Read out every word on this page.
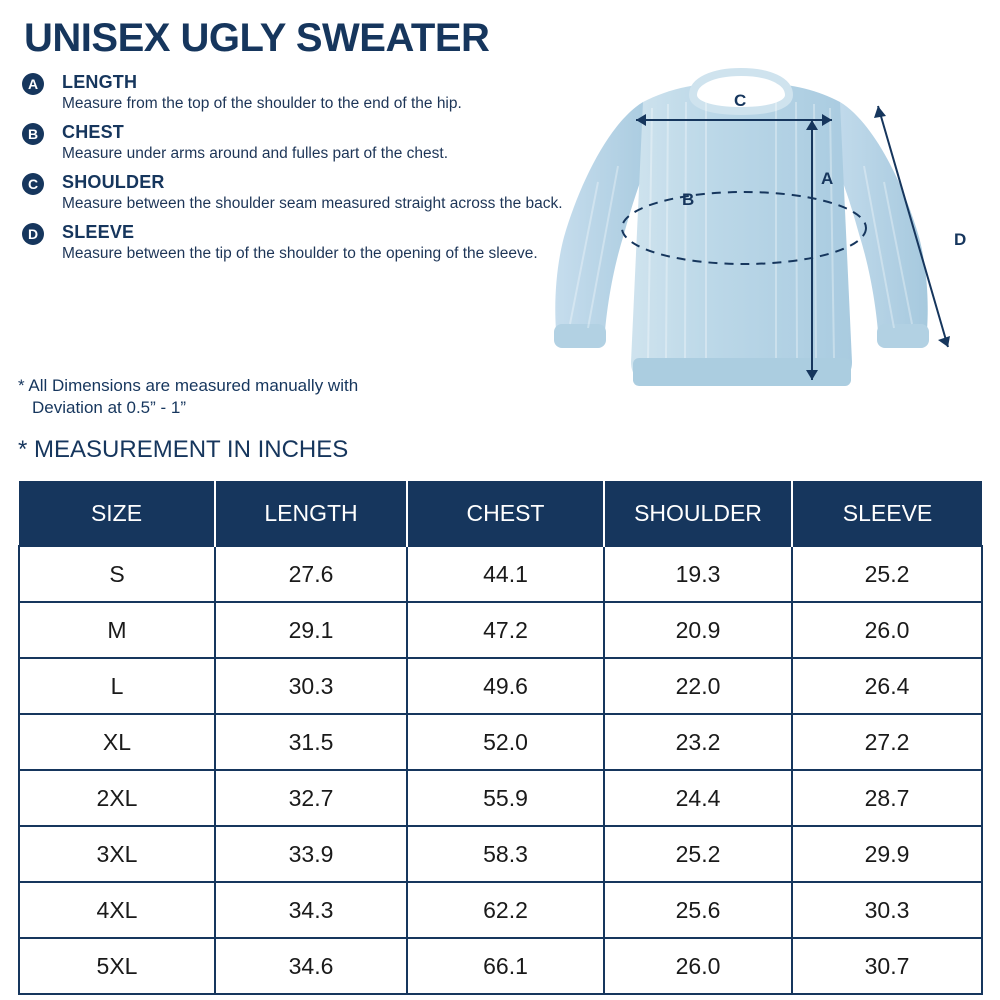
UNISEX UGLY SWEATER
A	LENGTH
Measure from the top of the shoulder to the end of the hip.
B	CHEST
Measure under arms around and fulles part of the chest.
C	SHOULDER
Measure between the shoulder seam measured straight across the back.
D	SLEEVE
Measure between the tip of the shoulder to the opening of the sleeve.
* All Dimensions are measured manually with
Deviation at 0.5” - 1”
* MEASUREMENT IN INCHES
C
A
B
D
SIZE	LENGTH	CHEST	SHOULDER	SLEEVE
S	27.6	44.1	19.3	25.2
M	29.1	47.2	20.9	26.0
L	30.3	49.6	22.0	26.4
XL	31.5	52.0	23.2	27.2
2XL	32.7	55.9	24.4	28.7
3XL	33.9	58.3	25.2	29.9
4XL	34.3	62.2	25.6	30.3
5XL	34.6	66.1	26.0	30.7
